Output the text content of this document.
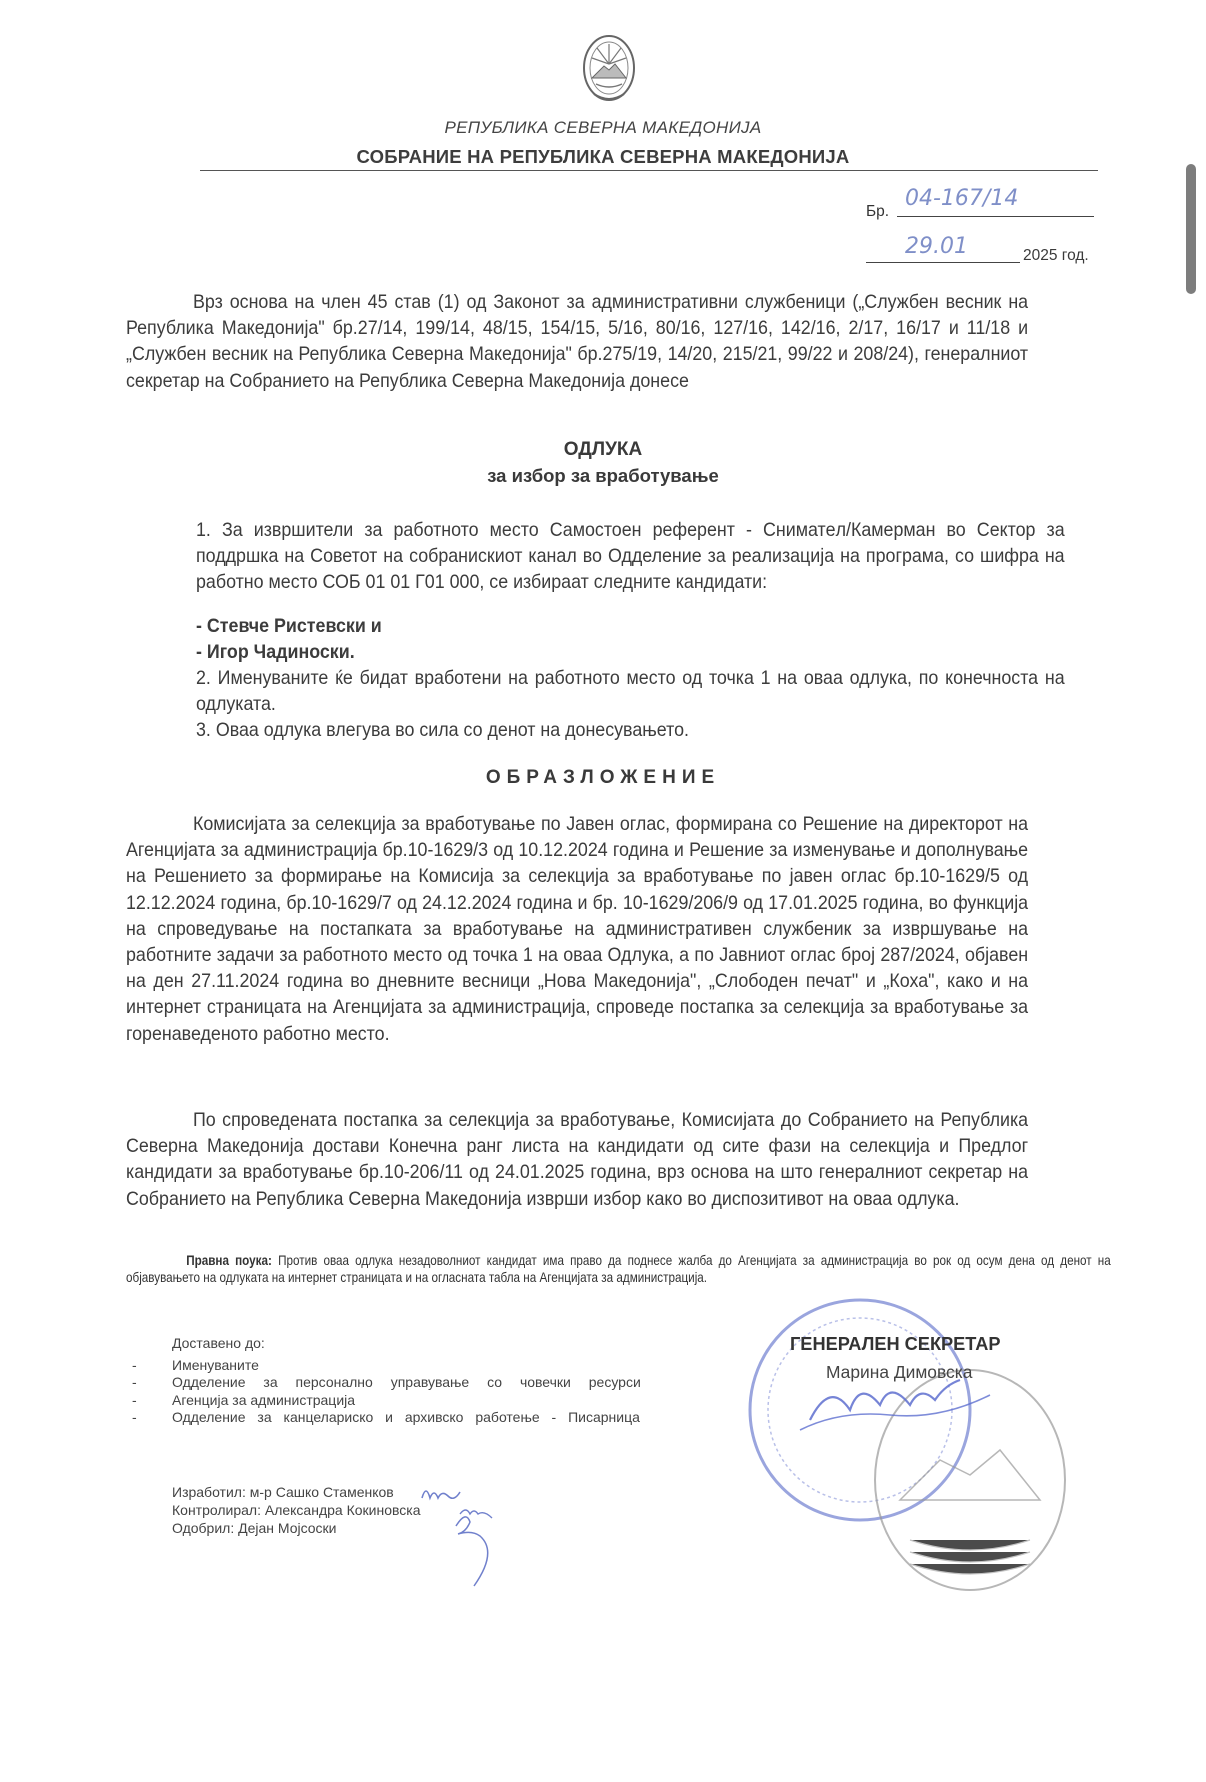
РЕПУБЛИКА СЕВЕРНА МАКЕДОНИЈА
СОБРАНИЕ НА РЕПУБЛИКА СЕВЕРНА МАКЕДОНИЈА
Бр.
04-167/14
29.01	2025 год.
Врз основа на член 45 став (1) од Законот за административни службеници („Службен весник на Република Македонија" бр.27/14, 199/14, 48/15, 154/15, 5/16, 80/16, 127/16, 142/16, 2/17, 16/17 и 11/18 и „Службен весник на Република Северна Македонија" бр.275/19, 14/20, 215/21, 99/22 и 208/24), генералниот секретар на Собранието на Република Северна Македонија донесе
ОДЛУКА
за избор за вработување
1. За извршители за работното место Самостоен референт - Сниматeл/Камерман во Сектор за поддршка на Советот на собранискиот канал во Одделение за реализација на програма, со шифра на работно место СОБ 01 01 Г01 000, се избираат следните кандидати:
- Стевче Ристевски и
- Игор Чадиноски.
2. Именуваните ќе бидат вработени на работното место од точка 1 на оваа одлука, по конечноста на одлуката.
3. Оваа одлука влегува во сила со денот на донесувањето.
ОБРАЗЛОЖЕНИЕ
Комисијата за селекција за вработување по Јавен оглас, формирана со Решение на директорот на Агенцијата за администрација бр.10-1629/3 од 10.12.2024 година и Решение за изменување и дополнување на Решението за формирање на Комисија за селекција за вработување по јавен оглас бр.10-1629/5 од 12.12.2024 година, бр.10-1629/7 од 24.12.2024 година и бр. 10-1629/206/9 од 17.01.2025 година, во функција на спроведување на постапката за вработување на административен службеник за извршување на работните задачи за работното место од точка 1 на оваа Одлука, а по Јавниот оглас број 287/2024, објавен на ден 27.11.2024 година во дневните весници „Нова Македонија", „Слободен печат" и „Коха", како и на интернет страницата на Агенцијата за администрација, спроведе постапка за селекција за вработување за горенаведеното работно место.
По спроведената постапка за селекција за вработување, Комисијата до Собранието на Република Северна Македонија достави Конечна ранг листа на кандидати од сите фази на селекција и Предлог кандидати за вработување бр.10-206/11 од 24.01.2025 година, врз основа на што генералниот секретар на Собранието на Република Северна Македонија изврши избор како во диспозитивот на оваа одлука.
Правна поука: Против оваа одлука незадоволниот кандидат има право да поднесе жалба до Агенцијата за администрација во рок од осум дена од денот на објавувањето на одлуката на интернет страницата и на огласната табла на Агенцијата за администрација.
Доставено до:
-	Именуваните
-	Одделение за персонално управување со човечки ресурси
-	Агенција за администрација
-	Одделение за канцелариско и архивско работење - Писарница
Изработил: м-р Сашко Стаменков
Контролирал: Александра Кокиновска
Одобрил: Дејан Мојсоски
ГЕНЕРАЛЕН СЕКРЕТАР
Марина Димовска
